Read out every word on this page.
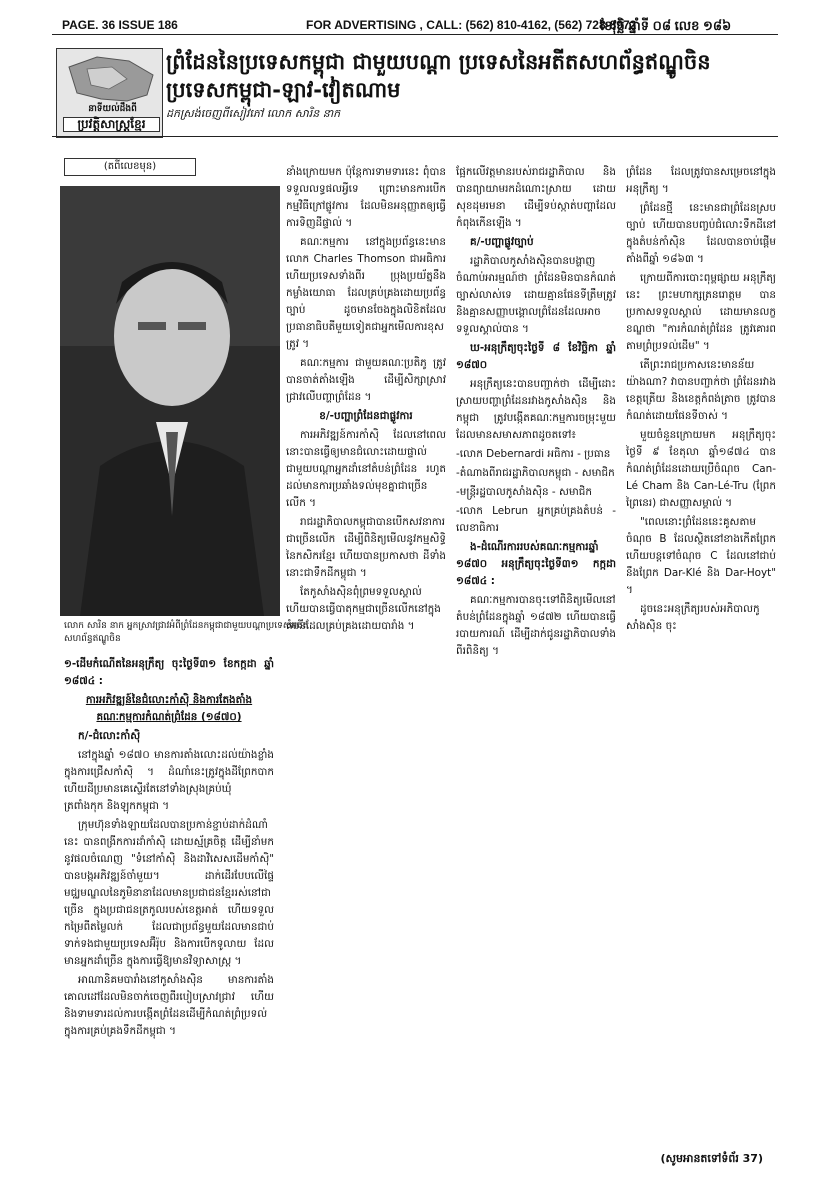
PAGE. 36 ISSUE 186	FOR ADVERTISING , CALL: (562) 810-4162, (562) 728-8972
ខែវុច្ឆិ ឆ្នាំទី ០៨ លេខ ១៨៦
នាទីយល់ដឹងពី
ប្រវត្តិសាស្ត្រខ្មែរ
ព្រំដែននៃប្រទេសកម្ពុជា ជាមួយបណ្តា ប្រទេសនៃអតីតសហព័ន្ធឥណ្ឌូចិន
ប្រទេសកម្ពុជា-ឡាវ-វៀតណាម
ដកស្រង់ចេញពីសៀវភៅ លោក សារិន នាក
(តពីលេខមុន)
លោក សារិន នាក អ្នកស្រាវជ្រាវអំពីព្រំដែនកម្ពុជាជាមួយបណ្តាប្រទេសអតីតសហព័ន្ធឥណ្ឌូចិន

១-ដើមកំណើតនៃអនុក្រឹត្យ ចុះថ្ងៃទី៣១ ខែកក្កដា ឆ្នាំ ១៨៧៤ :

ការអភិវឌ្ឍន៍នៃជំលោះកាំស៊ិ និងការតែងតាំងគណៈកម្មការកំណត់ព្រំដែន (១៨៧០)

ក/-ជំលោះកាំស៊ិ

នៅក្នុងឆ្នាំ ១៨៧០ មានការតាំងលោះដល់យ៉ាងខ្លាំងក្នុងការជ្រើសកាំស៊ិ ។ ដំណាំនេះត្រូវក្នុងដីព្រែកបាក ហើយដីប្រមានគេស្ទើរតែនៅទាំងស្រុងគ្រប់ឃុំ ត្រពាំងកុក និងឡុកកម្ពុជា ។

ក្រុមហ៊ុនទាំងឡាយដែលបានប្រកាន់ខ្ជាប់ដាក់ដំណាំនេះ បានពង្រីកការដាំកាំស៊ិ ដោយស្ម័គ្រចិត្ត ដើម្បីនាំមកនូវផលចំណេញ "ទំនៅកាំស៊ិ និងដាវិសេសដើមកាំស៊ិ" បានបង្កអភិវឌ្ឍន៍ចាំមួយ។ ដាក់ដើរបែបលើផ្ទៃមជ្ឈមណ្ឌលនៃភូមិនានាដែលមានប្រជាជនខ្មែររស់នៅជាច្រើន ក្នុងប្រជាជនត្រកូលរបស់ខេត្តអាត់ ហើយទទួលកម្រៃពីតម្លៃលក់ ដែលជាប្រព័ន្ធមួយដែលមានជាប់ទាក់ទងជាមួយប្រទេសអ៊ឺរ៉ុប និងការបើកទូលាយ ដែលមានអ្នកដាំច្រើន ក្នុងការធ្វើឱ្យមានវិទ្យាសាស្ត្រ ។

អាណានិគមបារាំងនៅកូសាំងស៊ិន មានការតាំងគោលដៅដែលមិនចាក់ចេញពីរបៀបស្រាវជ្រាវ ហើយនិងទាមទារដល់ការបង្កើតព្រំដែនដើម្បីកំណត់ព្រំប្រទល់ក្នុងការគ្រប់គ្រងទឹកដីកម្ពុជា ។

នាំងក្រោយមក ប៉ុន្តែការទាមទារនេះ ពុំបានទទួលលទ្ធផលអ្វីទេ ព្រោះមានការបើកកម្មវិធីក្រៅផ្លូវការ ដែលមិនអនុញ្ញាតឲ្យធ្វើការទិញដីផ្ទាល់ ។

គណៈកម្មការ នៅក្នុងប្រព័ន្ធនេះមានលោក Charles Thomson ជាអធិការ ហើយប្រទេសទាំងពីរ ប្រុងប្រយ័ត្ននឹងកម្លាំងយោធា ដែលគ្រប់គ្រងដោយប្រព័ន្ធច្បាប់ ដូចមានចែងក្នុងលិខិតដែលប្រធានាធិបតីមួយទៀតជាអ្នកមើលការខុសត្រូវ ។

គណៈកម្មការ ជាមួយគណៈប្រតិភូ ត្រូវបានចាត់តាំងឡើង ដើម្បីសិក្សាស្រាវជ្រាវលើបញ្ហាព្រំដែន ។

ខ/-បញ្ហាព្រំដែនជាផ្លូវការ

ការអភិវឌ្ឍន៍ការកាំស៊ិ ដែលនៅពេលនោះបានធ្វើឲ្យមានជំលោះដោយផ្ទាល់ជាមួយបណ្ដាអ្នកដាំនៅតំបន់ព្រំដែន រហូតដល់មានការប្រឆាំងទល់មុខគ្នាជាច្រើនលើក ។

រាជរដ្ឋាភិបាលកម្ពុជាបានបើកសវនាការជាច្រើនលើក ដើម្បីពិនិត្យមើលនូវកម្មសិទ្ធិនៃកសិករខ្មែរ ហើយបានប្រកាសថា ដីទាំងនោះជាទឹកដីកម្ពុជា ។

តែកូសាំងស៊ិនពុំព្រមទទួលស្គាល់ ហើយបានធ្វើបាតុកម្មជាច្រើនលើកនៅក្នុងតំបន់ដែលគ្រប់គ្រងដោយបារាំង ។

ផ្អែកលើវត្តមានរបស់រាជរដ្ឋាភិបាល និងបានព្យាយាមរកដំណោះស្រាយ ដោយសុខដុមរមនា ដើម្បីទប់ស្កាត់បញ្ហាដែលកំពុងកើនឡើង ។

គ/-បញ្ហាផ្លូវច្បាប់

រដ្ឋាភិបាលកូសាំងស៊ិនបានបង្ហាញចំណាប់អារម្មណ៍ថា ព្រំដែនមិនបានកំណត់ច្បាស់លាស់ទេ ដោយគ្មានផែនទីត្រឹមត្រូវ និងគ្មានសញ្ញាបង្គោលព្រំដែនដែលអាចទទួលស្គាល់បាន ។

ឃ-អនុក្រឹត្យចុះថ្ងៃទី ៨ ខែវិច្ឆិកា ឆ្នាំ ១៨៧០

អនុក្រឹត្យនេះបានបញ្ជាក់ថា ដើម្បីដោះស្រាយបញ្ហាព្រំដែនរវាងកូសាំងស៊ិន និងកម្ពុជា ត្រូវបង្កើតគណៈកម្មការចម្រុះមួយ ដែលមានសមាសភាពដូចតទៅ៖

-លោក Debernardi អធិការ - ប្រធាន

-តំណាងពីរាជរដ្ឋាភិបាលកម្ពុជា - សមាជិក

-មន្ត្រីរដ្ឋបាលកូសាំងស៊ិន - សមាជិក

-លោក Lebrun អ្នកគ្រប់គ្រងតំបន់ - លេខាធិការ

ង-ដំណើរការរបស់គណៈកម្មការឆ្នាំ ១៨៧០ អនុក្រឹត្យចុះថ្ងៃទី៣១ កក្កដា ១៨៧៤ :

គណៈកម្មការបានចុះទៅពិនិត្យមើលនៅតំបន់ព្រំដែនក្នុងឆ្នាំ ១៨៧២ ហើយបានធ្វើរបាយការណ៍ ដើម្បីដាក់ជូនរដ្ឋាភិបាលទាំងពីរពិនិត្យ ។

ព្រំដែន ដែលត្រូវបានសម្រេចនៅក្នុងអនុក្រឹត្យ ។

ព្រំដែនថ្មី នេះមានជាព្រំដែនស្របច្បាប់ ហើយបានបញ្ចប់ជំលោះទឹកដីនៅក្នុងតំបន់កាំស៊ិន ដែលបានចាប់ផ្តើមតាំងពីឆ្នាំ ១៨៦៣ ។

ក្រោយពីការបោះពុម្ពផ្សាយ អនុក្រឹត្យនេះ ព្រះមហាក្សត្រនរោត្តម បានប្រកាសទទួលស្គាល់ ដោយមានលក្ខខណ្ឌថា "ការកំណត់ព្រំដែន ត្រូវគោរពតាមព្រំប្រទល់ដើម" ។

តើព្រះរាជប្រកាសនេះមានន័យយ៉ាងណា? វាបានបញ្ជាក់ថា ព្រំដែនរវាងខេត្តត្រើយ និងខេត្តកំពង់ត្រាច ត្រូវបានកំណត់ដោយផែនទីចាស់ ។

មួយចំនួនក្រោយមក អនុក្រឹត្យចុះថ្ងៃទី ៩ ខែតុលា ឆ្នាំ១៨៧៤ បានកំណត់ព្រំដែនដោយប្រើចំណុច Can-Lé Cham និង Can-Lé-Tru (ព្រែកព្រៃនេរ) ជាសញ្ញាសម្គាល់ ។

"ពេលនោះព្រំដែននេះគូសតាមចំណុច B ដែលស្ថិតនៅខាងកើតព្រែក ហើយបន្តទៅចំណុច C ដែលនៅជាប់នឹងព្រែក Dar-Klé និង Dar-Hoyt" ។

ដូចនេះអនុក្រឹត្យរបស់អភិបាលកូសាំងស៊ិន ចុះ

(សូមអានតទៅទំព័រ 37)
